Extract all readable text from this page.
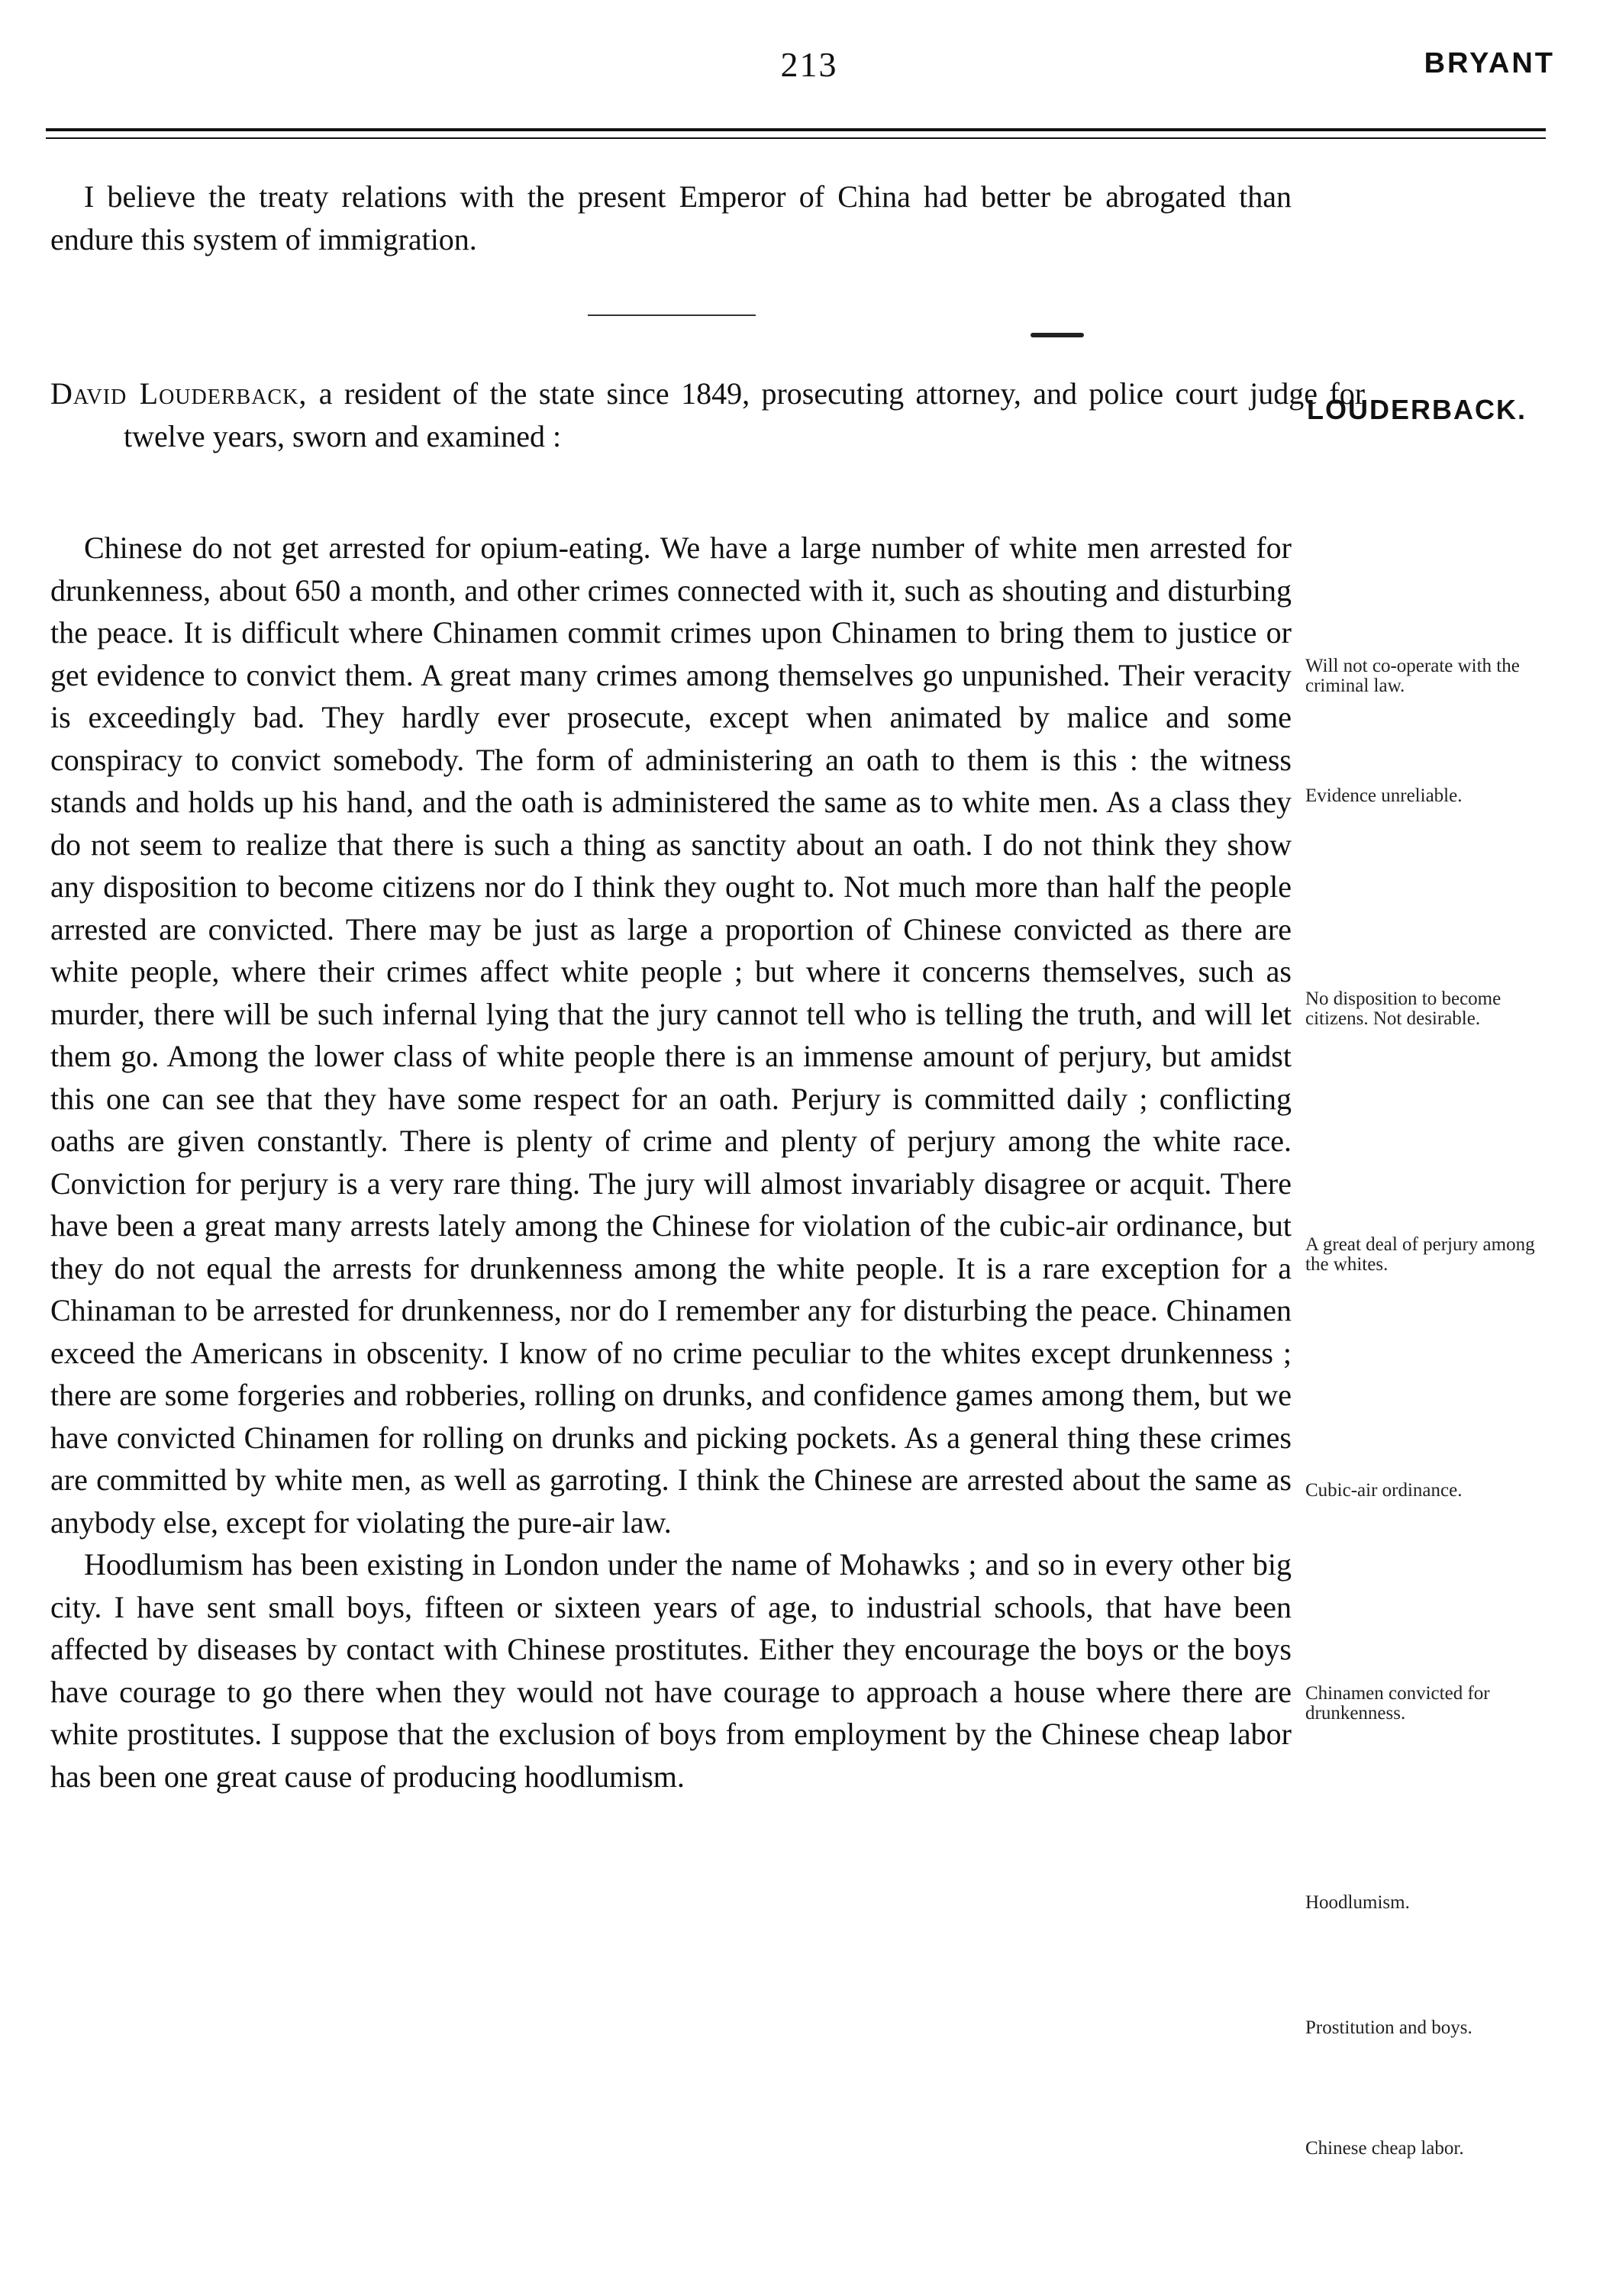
213	BRYANT

I believe the treaty relations with the present Emperor of China had better be abrogated than endure this system of immigration.

David Louderback, a resident of the state since 1849, prosecuting attorney, and police court judge for twelve years, sworn and examined :

LOUDERBACK.

Chinese do not get arrested for opium-eating. We have a large number of white men arrested for drunkenness, about 650 a month, and other crimes connected with it, such as shouting and disturbing the peace. It is difficult where Chinamen commit crimes upon Chinamen to bring them to justice or get evidence to convict them. A great many crimes among themselves go unpunished. Their veracity is exceedingly bad. They hardly ever prosecute, except when animated by malice and some conspiracy to convict somebody. The form of administering an oath to them is this : the witness stands and holds up his hand, and the oath is administered the same as to white men. As a class they do not seem to realize that there is such a thing as sanctity about an oath. I do not think they show any disposition to become citizens nor do I think they ought to. Not much more than half the people arrested are convicted. There may be just as large a proportion of Chinese convicted as there are white people, where their crimes affect white people ; but where it concerns themselves, such as murder, there will be such infernal lying that the jury cannot tell who is telling the truth, and will let them go. Among the lower class of white people there is an immense amount of perjury, but amidst this one can see that they have some respect for an oath. Perjury is committed daily ; conflicting oaths are given constantly. There is plenty of crime and plenty of perjury among the white race. Conviction for perjury is a very rare thing. The jury will almost invariably disagree or acquit. There have been a great many arrests lately among the Chinese for violation of the cubic-air ordinance, but they do not equal the arrests for drunkenness among the white people. It is a rare exception for a Chinaman to be arrested for drunkenness, nor do I remember any for disturbing the peace. Chinamen exceed the Americans in obscenity. I know of no crime peculiar to the whites except drunkenness ; there are some forgeries and robberies, rolling on drunks, and confidence games among them, but we have convicted Chinamen for rolling on drunks and picking pockets. As a general thing these crimes are committed by white men, as well as garroting. I think the Chinese are arrested about the same as anybody else, except for violating the pure-air law.

Hoodlumism has been existing in London under the name of Mohawks ; and so in every other big city. I have sent small boys, fifteen or sixteen years of age, to industrial schools, that have been affected by diseases by contact with Chinese prostitutes. Either they encourage the boys or the boys have courage to go there when they would not have courage to approach a house where there are white prostitutes. I suppose that the exclusion of boys from employment by the Chinese cheap labor has been one great cause of producing hoodlumism.

Will not co-operate with the criminal law.
Evidence unreliable.
No disposition to become citizens. Not desirable.
A great deal of perjury among the whites.
Cubic-air ordinance.
Chinamen convicted for drunkenness.
Hoodlumism.
Prostitution and boys.
Chinese cheap labor.
